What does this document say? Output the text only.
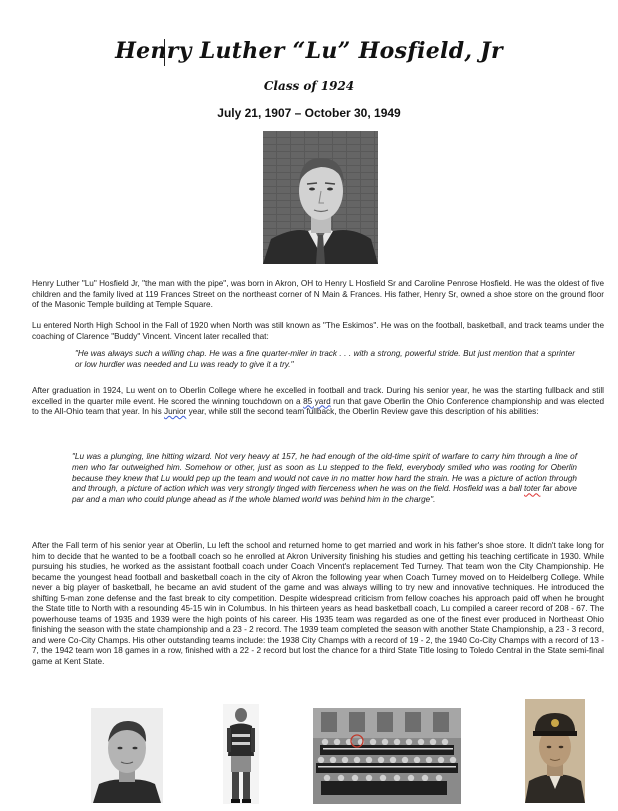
Henry Luther “Lu” Hosfield, Jr
Class of 1924
July 21, 1907 – October 30, 1949
Henry Luther "Lu" Hosfield Jr, "the man with the pipe", was born in Akron, OH to Henry L Hosfield Sr and Caroline Penrose Hosfield. He was the oldest of five children and the family lived at 119 Frances Street on the northeast corner of N Main & Frances. His father, Henry Sr, owned a shoe store on the ground floor of the Masonic Temple building at Temple Square.
Lu entered North High School in the Fall of 1920 when North was still known as "The Eskimos". He was on the football, basketball, and track teams under the coaching of Clarence "Buddy" Vincent. Vincent later recalled that:
"He was always such a willing chap. He was a fine quarter-miler in track . . . with a strong, powerful stride. But just mention that a sprinter or low hurdler was needed and Lu was ready to give it a try."
After graduation in 1924, Lu went on to Oberlin College where he excelled in football and track. During his senior year, he was the starting fullback and still excelled in the quarter mile event. He scored the winning touchdown on a 85 yard run that gave Oberlin the Ohio Conference championship and was elected to the All-Ohio team that year. In his Junior year, while still the second team fullback, the Oberlin Review gave this description of his abilities:
"Lu was a plunging, line hitting wizard. Not very heavy at 157, he had enough of the old-time spirit of warfare to carry him through a line of men who far outweighed him. Somehow or other, just as soon as Lu stepped to the field, everybody smiled who was rooting for Oberlin because they knew that Lu would pep up the team and would not cave in no matter how hard the strain. He was a picture of action through and through, a picture of action which was very strongly tinged with fierceness when he was on the field. Hosfield was a ball toter far above par and a man who could plunge ahead as if the whole blamed world was behind him in the charge".
After the Fall term of his senior year at Oberlin, Lu left the school and returned home to get married and work in his father's shoe store. It didn't take long for him to decide that he wanted to be a football coach so he enrolled at Akron University finishing his studies and getting his teaching certificate in 1930. While pursuing his studies, he worked as the assistant football coach under Coach Vincent's replacement Ted Turney. That team won the City Championship. He became the youngest head football and basketball coach in the city of Akron the following year when Coach Turney moved on to Heidelberg College. While never a big player of basketball, he became an avid student of the game and was always willing to try new and innovative techniques. He introduced the shifting 5-man zone defense and the fast break to city competition. Despite widespread criticism from fellow coaches his approach paid off when he brought the State title to North with a resounding 45-15 win in Columbus. In his thirteen years as head basketball coach, Lu compiled a career record of 208 - 67. The powerhouse teams of 1935 and 1939 were the high points of his career. His 1935 team was regarded as one of the finest ever produced in Northeast Ohio finishing the season with the state championship and a 23 - 2 record. The 1939 team completed the season with another State Championship, a 23 - 3 record, and were Co-City Champs. His other outstanding teams include: the 1938 City Champs with a record of 19 - 2, the 1940 Co-City Champs with a record of 13 - 7, the 1942 team won 18 games in a row, finished with a 22 - 2 record but lost the chance for a third State Title losing to Toledo Central in the State semi-final game at Kent State.
